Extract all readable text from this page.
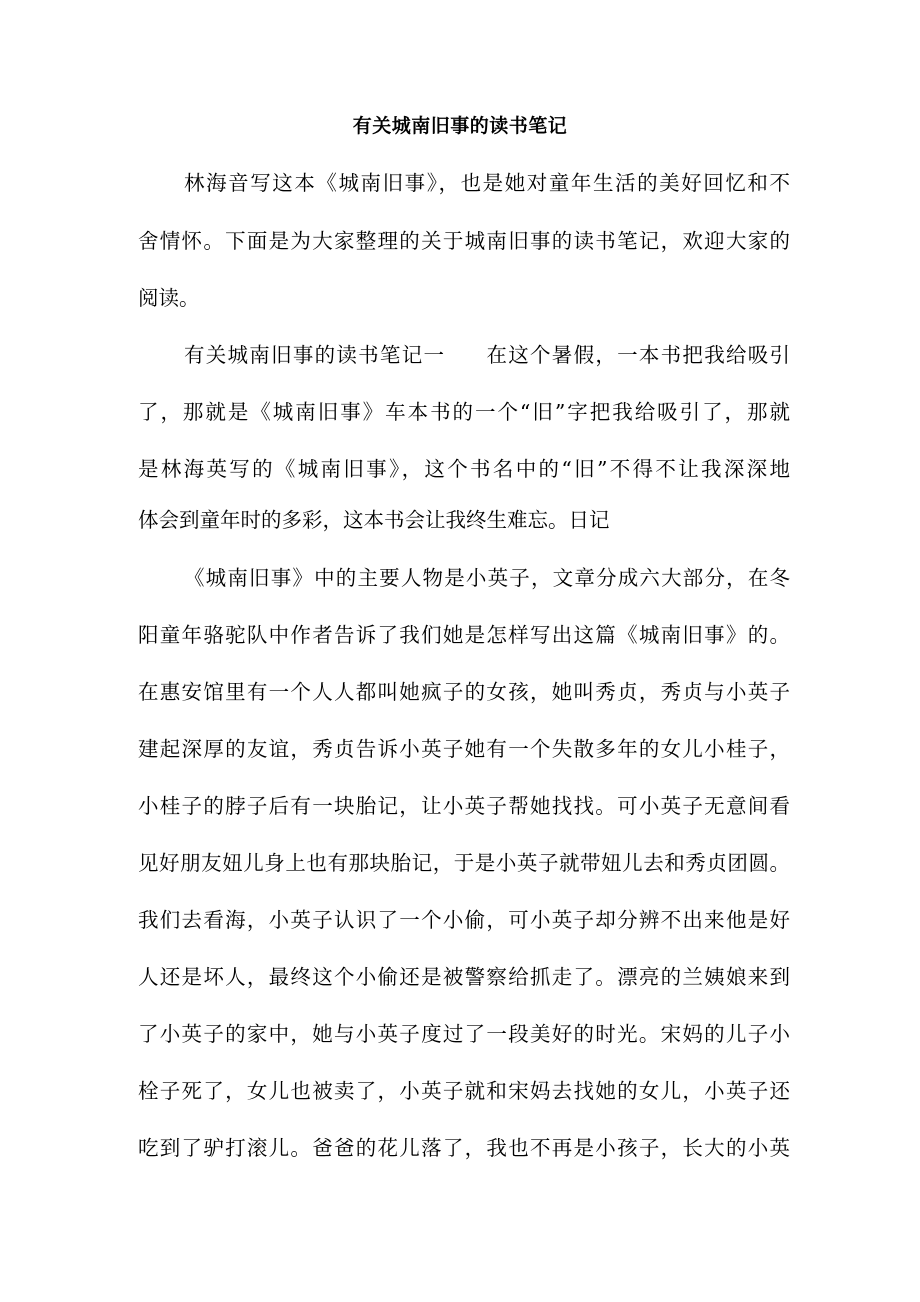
有关城南旧事的读书笔记
林海音写这本《城南旧事》，也是她对童年生活的美好回忆和不
舍情怀。下面是为大家整理的关于城南旧事的读书笔记，欢迎大家的
阅读。
有关城南旧事的读书笔记一 在这个暑假，一本书把我给吸引
了，那就是《城南旧事》车本书的一个“旧”字把我给吸引了，那就
是林海英写的《城南旧事》，这个书名中的“旧”不得不让我深深地
体会到童年时的多彩，这本书会让我终生难忘。日记
《城南旧事》中的主要人物是小英子，文章分成六大部分，在冬
阳童年骆驼队中作者告诉了我们她是怎样写出这篇《城南旧事》的。
在惠安馆里有一个人人都叫她疯子的女孩，她叫秀贞，秀贞与小英子
建起深厚的友谊，秀贞告诉小英子她有一个失散多年的女儿小桂子，
小桂子的脖子后有一块胎记，让小英子帮她找找。可小英子无意间看
见好朋友妞儿身上也有那块胎记，于是小英子就带妞儿去和秀贞团圆。
我们去看海，小英子认识了一个小偷，可小英子却分辨不出来他是好
人还是坏人，最终这个小偷还是被警察给抓走了。漂亮的兰姨娘来到
了小英子的家中，她与小英子度过了一段美好的时光。宋妈的儿子小
栓子死了，女儿也被卖了，小英子就和宋妈去找她的女儿，小英子还
吃到了驴打滚儿。爸爸的花儿落了，我也不再是小孩子，长大的小英
